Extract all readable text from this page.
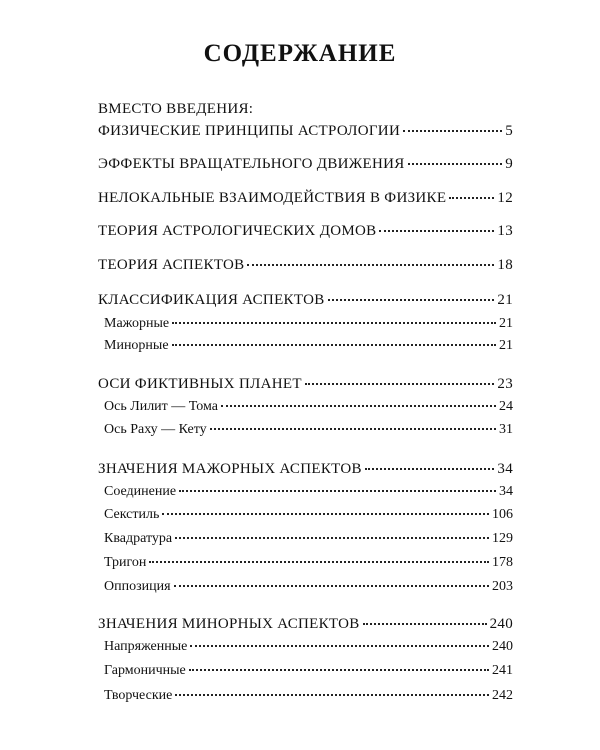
СОДЕРЖАНИЕ
ВМЕСТО ВВЕДЕНИЯ:
ФИЗИЧЕСКИЕ ПРИНЦИПЫ АСТРОЛОГИИ	5
ЭФФЕКТЫ ВРАЩАТЕЛЬНОГО ДВИЖЕНИЯ	9
НЕЛОКАЛЬНЫЕ ВЗАИМОДЕЙСТВИЯ В ФИЗИКЕ	12
ТЕОРИЯ АСТРОЛОГИЧЕСКИХ ДОМОВ	13
ТЕОРИЯ АСПЕКТОВ	18
КЛАССИФИКАЦИЯ АСПЕКТОВ	21
Мажорные	21
Минорные	21
ОСИ ФИКТИВНЫХ ПЛАНЕТ	23
Ось Лилит — Тома	24
Ось Раху — Кету	31
ЗНАЧЕНИЯ МАЖОРНЫХ АСПЕКТОВ	34
Соединение	34
Секстиль	106
Квадратура	129
Тригон	178
Оппозиция	203
ЗНАЧЕНИЯ МИНОРНЫХ АСПЕКТОВ	240
Напряженные	240
Гармоничные	241
Творческие	242
